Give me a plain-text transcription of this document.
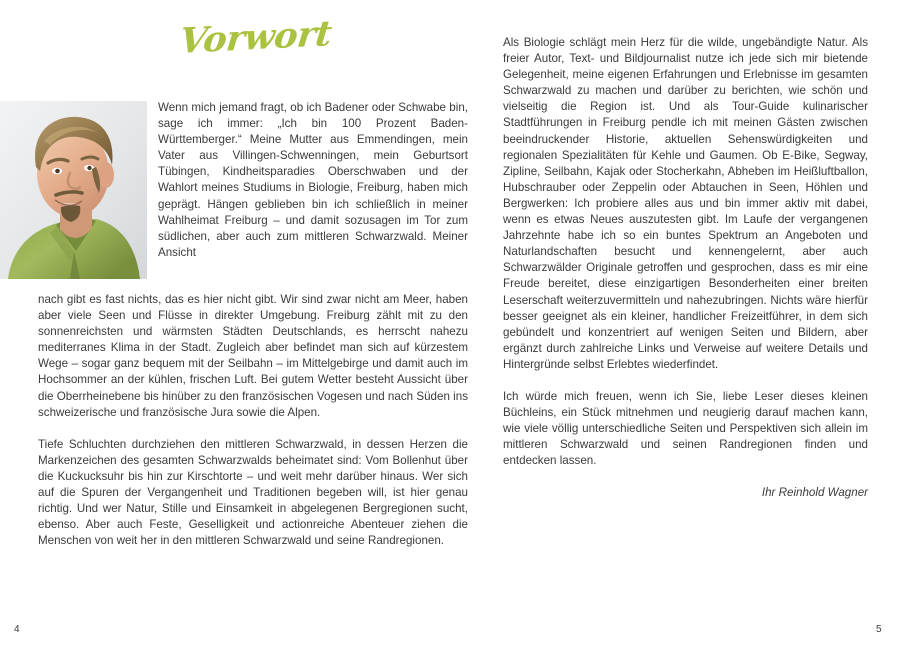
Vorwort

Wenn mich jemand fragt, ob ich Badener oder Schwabe bin, sage ich immer: „Ich bin 100 Prozent Baden-Württemberger.“ Meine Mutter aus Emmendingen, mein Vater aus Villingen-Schwenningen, mein Geburtsort Tübingen, Kindheitsparadies Oberschwaben und der Wahlort meines Studiums in Biologie, Freiburg, haben mich geprägt. Hängen geblieben bin ich schließlich in meiner Wahlheimat Freiburg – und damit sozusagen im Tor zum südlichen, aber auch zum mittleren Schwarzwald. Meiner Ansicht

nach gibt es fast nichts, das es hier nicht gibt. Wir sind zwar nicht am Meer, haben aber viele Seen und Flüsse in direkter Umgebung. Freiburg zählt mit zu den sonnenreichsten und wärmsten Städten Deutschlands, es herrscht nahezu mediterranes Klima in der Stadt. Zugleich aber befindet man sich auf kürzestem Wege – sogar ganz bequem mit der Seilbahn – im Mittelgebirge und damit auch im Hochsommer an der kühlen, frischen Luft. Bei gutem Wetter besteht Aussicht über die Oberrheinebene bis hinüber zu den französischen Vogesen und nach Süden ins schweizerische und französische Jura sowie die Alpen.

Tiefe Schluchten durchziehen den mittleren Schwarzwald, in dessen Herzen die Markenzeichen des gesamten Schwarzwalds beheimatet sind: Vom Bollenhut über die Kuckucksuhr bis hin zur Kirschtorte – und weit mehr darüber hinaus. Wer sich auf die Spuren der Vergangenheit und Traditionen begeben will, ist hier genau richtig. Und wer Natur, Stille und Einsamkeit in abgelegenen Bergregionen sucht, ebenso. Aber auch Feste, Geselligkeit und actionreiche Abenteuer ziehen die Menschen von weit her in den mittleren Schwarzwald und seine Randregionen.

Als Biologie schlägt mein Herz für die wilde, ungebändigte Natur. Als freier Autor, Text- und Bildjournalist nutze ich jede sich mir bietende Gelegenheit, meine eigenen Erfahrungen und Erlebnisse im gesamten Schwarzwald zu machen und darüber zu berichten, wie schön und vielseitig die Region ist. Und als Tour-Guide kulinarischer Stadtführungen in Freiburg pendle ich mit meinen Gästen zwischen beeindruckender Historie, aktuellen Sehenswürdigkeiten und regionalen Spezialitäten für Kehle und Gaumen. Ob E-Bike, Segway, Zipline, Seilbahn, Kajak oder Stocherkahn, Abheben im Heißluftballon, Hubschrauber oder Zeppelin oder Abtauchen in Seen, Höhlen und Bergwerken: Ich probiere alles aus und bin immer aktiv mit dabei, wenn es etwas Neues auszutesten gibt. Im Laufe der vergangenen Jahrzehnte habe ich so ein buntes Spektrum an Angeboten und Naturlandschaften besucht und kennengelernt, aber auch Schwarzwälder Originale getroffen und gesprochen, dass es mir eine Freude bereitet, diese einzigartigen Besonderheiten einer breiten Leserschaft weiterzuvermitteln und nahezubringen. Nichts wäre hierfür besser geeignet als ein kleiner, handlicher Freizeitführer, in dem sich gebündelt und konzentriert auf wenigen Seiten und Bildern, aber ergänzt durch zahlreiche Links und Verweise auf weitere Details und Hintergründe selbst Erlebtes wiederfindet.

Ich würde mich freuen, wenn ich Sie, liebe Leser dieses kleinen Büchleins, ein Stück mitnehmen und neugierig darauf machen kann, wie viele völlig unterschiedliche Seiten und Perspektiven sich allein im mittleren Schwarzwald und seinen Randregionen finden und entdecken lassen.

Ihr Reinhold Wagner
4	5
